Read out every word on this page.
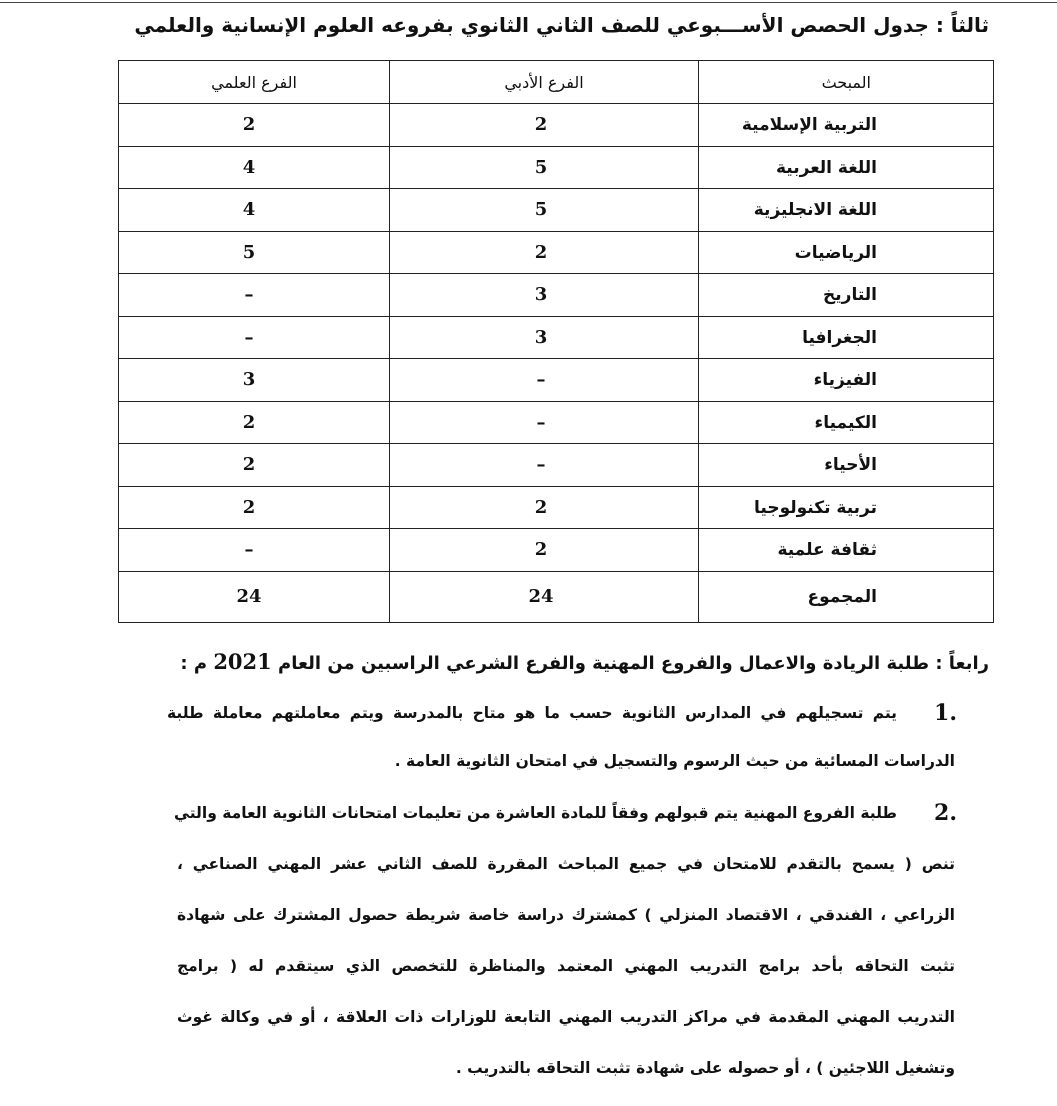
ثالثاً : جدول الحصص الأســـبوعي للصف الثاني الثانوي بفروعه العلوم الإنسانية والعلمي
المبحث	الفرع الأدبي	الفرع العلمي
التربية الإسلامية	2	2
اللغة العربية	5	4
اللغة الانجليزية	5	4
الرياضيات	2	5
التاريخ	3	–
الجغرافيا	3	–
الفيزياء	–	3
الكيمياء	–	2
الأحياء	–	2
تربية تكنولوجيا	2	2
ثقافة علمية	2	–
المجموع	24	24
رابعاً : طلبة الريادة والاعمال والفروع المهنية والفرع الشرعي الراسبين من العام 2021 م :
1.
يتم تسجيلهم في المدارس الثانوية حسب ما هو متاح بالمدرسة ويتم معاملتهم معاملة طلبة
الدراسات المسائية من حيث الرسوم والتسجيل في امتحان الثانوية العامة .
2.
طلبة الفروع المهنية يتم قبولهم وفقاً للمادة العاشرة من تعليمات امتحانات الثانوية العامة والتي
تنص ( يسمح بالتقدم للامتحان في جميع المباحث المقررة للصف الثاني عشر المهني الصناعي ،
الزراعي ، الفندقي ، الاقتصاد المنزلي ) كمشترك دراسة خاصة شريطة حصول المشترك على شهادة
تثبت التحاقه بأحد برامج التدريب المهني المعتمد والمناظرة للتخصص الذي سيتقدم له ( برامج
التدريب المهني المقدمة في مراكز التدريب المهني التابعة للوزارات ذات العلاقة ، أو في وكالة غوث
وتشغيل اللاجئين ) ، أو حصوله على شهادة تثبت التحاقه بالتدريب .
